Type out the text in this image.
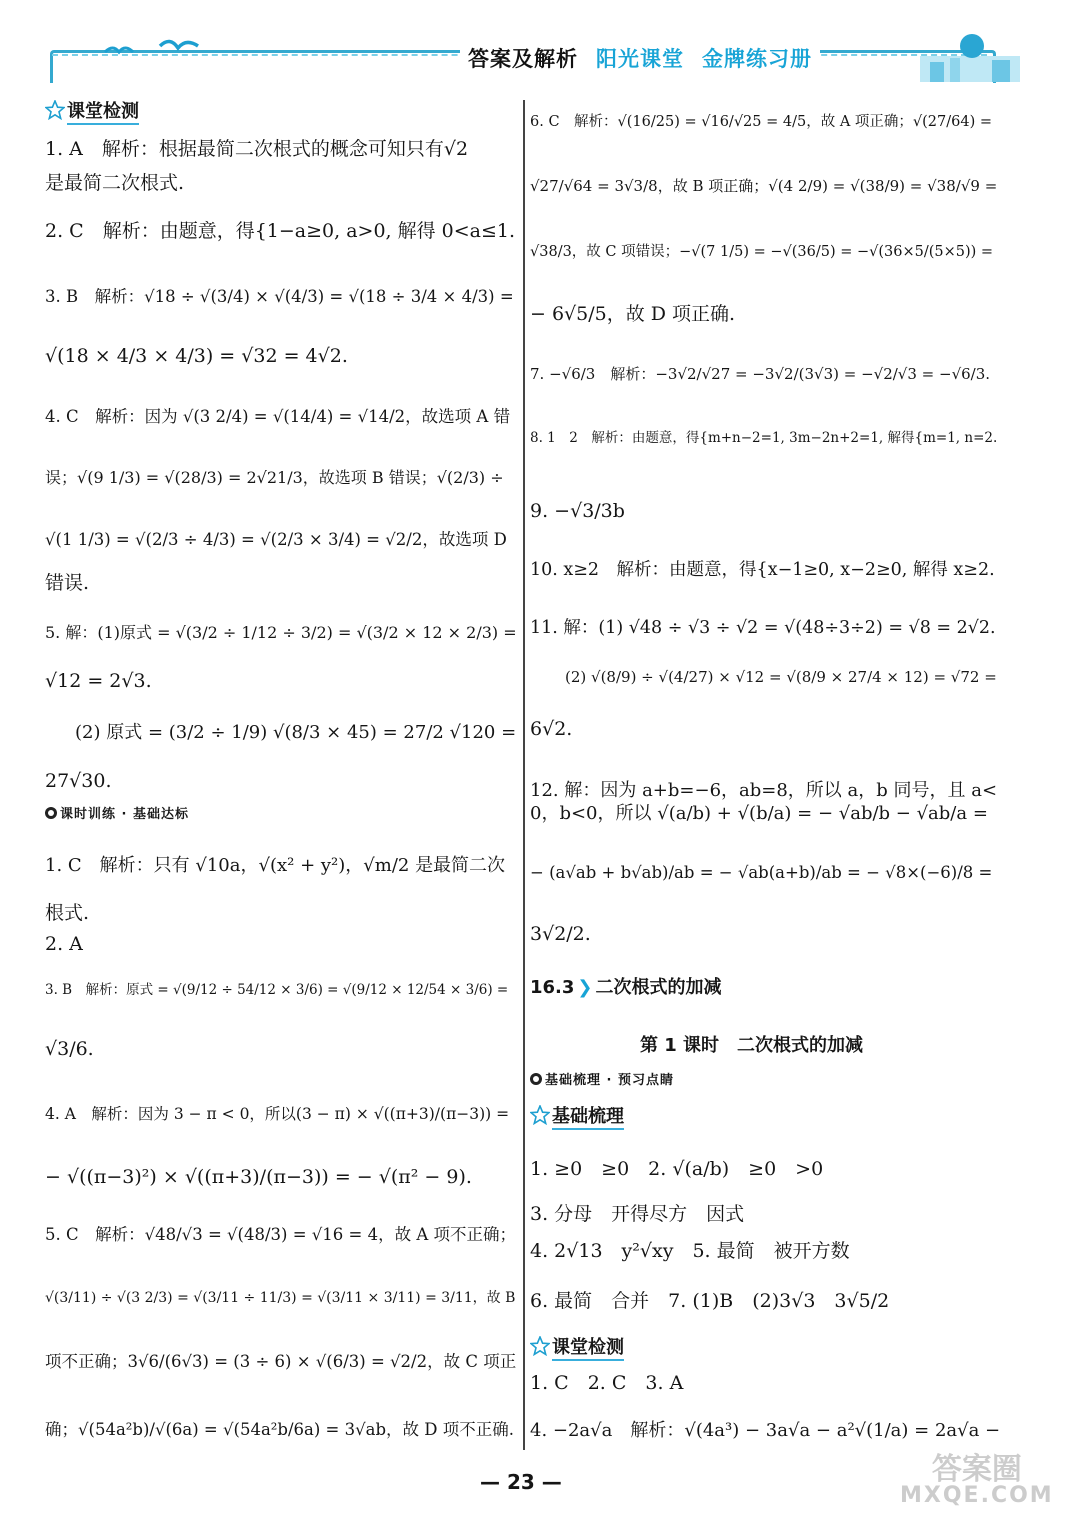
答案及解析 阳光课堂 金牌练习册
课堂检测
1. A　解析：根据最简二次根式的概念可知只有√2
是最简二次根式.
2. C　解析：由题意，得{1−a≥0, a>0, 解得 0<a≤1.
3. B　解析：√18 ÷ √(3/4) × √(4/3) = √(18 ÷ 3/4 × 4/3) =
√(18 × 4/3 × 4/3) = √32 = 4√2.
4. C　解析：因为 √(3 2/4) = √(14/4) = √14/2，故选项 A 错
误；√(9 1/3) = √(28/3) = 2√21/3，故选项 B 错误；√(2/3) ÷
√(1 1/3) = √(2/3 ÷ 4/3) = √(2/3 × 3/4) = √2/2，故选项 D
错误.
5. 解：(1)原式 = √(3/2 ÷ 1/12 ÷ 3/2) = √(3/2 × 12 × 2/3) =
√12 = 2√3.
(2) 原式 = (3/2 ÷ 1/9) √(8/3 × 45) = 27/2 √120 =
27√30.
课时训练 · 基础达标
1. C　解析：只有 √10a，√(x² + y²)，√m/2 是最简二次
根式.
2. A
3. B　解析：原式 = √(9/12 ÷ 54/12 × 3/6) = √(9/12 × 12/54 × 3/6) =
√3/6.
4. A　解析：因为 3 − π < 0，所以(3 − π) × √((π+3)/(π−3)) =
− √((π−3)²) × √((π+3)/(π−3)) = − √(π² − 9).
5. C　解析：√48/√3 = √(48/3) = √16 = 4，故 A 项不正确；
√(3/11) ÷ √(3 2/3) = √(3/11 ÷ 11/3) = √(3/11 × 3/11) = 3/11，故 B
项不正确；3√6/(6√3) = (3 ÷ 6) × √(6/3) = √2/2，故 C 项正
确；√(54a²b)/√(6a) = √(54a²b/6a) = 3√ab，故 D 项不正确.
6. C　解析：√(16/25) = √16/√25 = 4/5，故 A 项正确；√(27/64) =
√27/√64 = 3√3/8，故 B 项正确；√(4 2/9) = √(38/9) = √38/√9 =
√38/3，故 C 项错误；−√(7 1/5) = −√(36/5) = −√(36×5/(5×5)) =
− 6√5/5，故 D 项正确.
7. −√6/3　解析：−3√2/√27 = −3√2/(3√3) = −√2/√3 = −√6/3.
8. 1　2　解析：由题意，得{m+n−2=1, 3m−2n+2=1, 解得{m=1, n=2.
9. −√3/3b
10. x≥2　解析：由题意，得{x−1≥0, x−2≥0, 解得 x≥2.
11. 解：(1) √48 ÷ √3 ÷ √2 = √(48÷3÷2) = √8 = 2√2.
(2) √(8/9) ÷ √(4/27) × √12 = √(8/9 × 27/4 × 12) = √72 =
6√2.
12. 解：因为 a+b=−6，ab=8，所以 a，b 同号，且 a<
0，b<0，所以 √(a/b) + √(b/a) = − √ab/b − √ab/a =
− (a√ab + b√ab)/ab = − √ab(a+b)/ab = − √8×(−6)/8 =
3√2/2.
16.3 ❯ 二次根式的加减
第 1 课时　二次根式的加减
基础梳理 · 预习点睛
基础梳理
1. ≥0　≥0　2. √(a/b)　≥0　>0
3. 分母　开得尽方　因式
4. 2√13　y²√xy　5. 最简　被开方数
6. 最简　合并　7. (1)B　(2)3√3　3√5/2
课堂检测
1. C　2. C　3. A
4. −2a√a　解析：√(4a³) − 3a√a − a²√(1/a) = 2a√a −
— 23 —	答案圈
MXQE.COM
